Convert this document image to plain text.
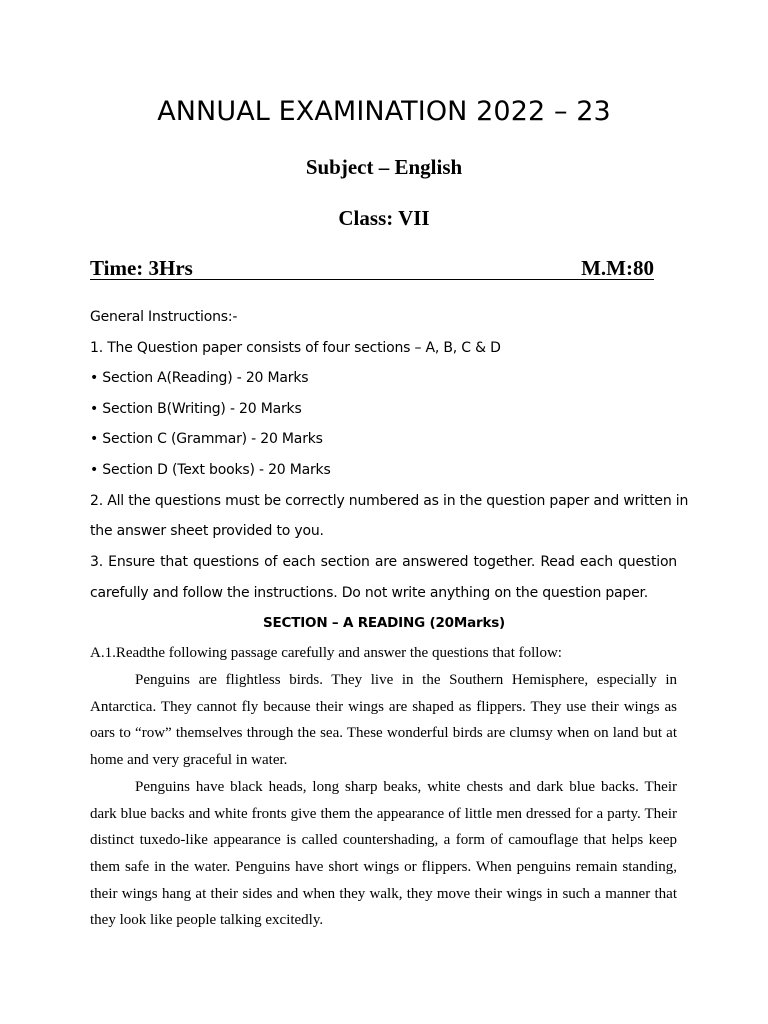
ANNUAL EXAMINATION 2022 – 23
Subject – English
Class: VII
Time: 3Hrs	M.M:80
General Instructions:-
1. The Question paper consists of four sections – A, B, C & D
• Section A(Reading) - 20 Marks
• Section B(Writing) - 20 Marks
• Section C (Grammar) - 20 Marks
• Section D (Text books) - 20 Marks
2. All the questions must be correctly numbered as in the question paper and written in
the answer sheet provided to you.
3. Ensure that questions of each section are answered together. Read each question
carefully and follow the instructions. Do not write anything on the question paper.
SECTION – A READING (20Marks)
A.1.Readthe following passage carefully and answer the questions that follow:
Penguins are flightless birds. They live in the Southern Hemisphere, especially in
Antarctica. They cannot fly because their wings are shaped as flippers. They use their wings as
oars to “row” themselves through the sea. These wonderful birds are clumsy when on land but at
home and very graceful in water.
Penguins have black heads, long sharp beaks, white chests and dark blue backs. Their
dark blue backs and white fronts give them the appearance of little men dressed for a party. Their
distinct tuxedo-like appearance is called countershading, a form of camouflage that helps keep
them safe in the water. Penguins have short wings or flippers. When penguins remain standing,
their wings hang at their sides and when they walk, they move their wings in such a manner that
they look like people talking excitedly.
